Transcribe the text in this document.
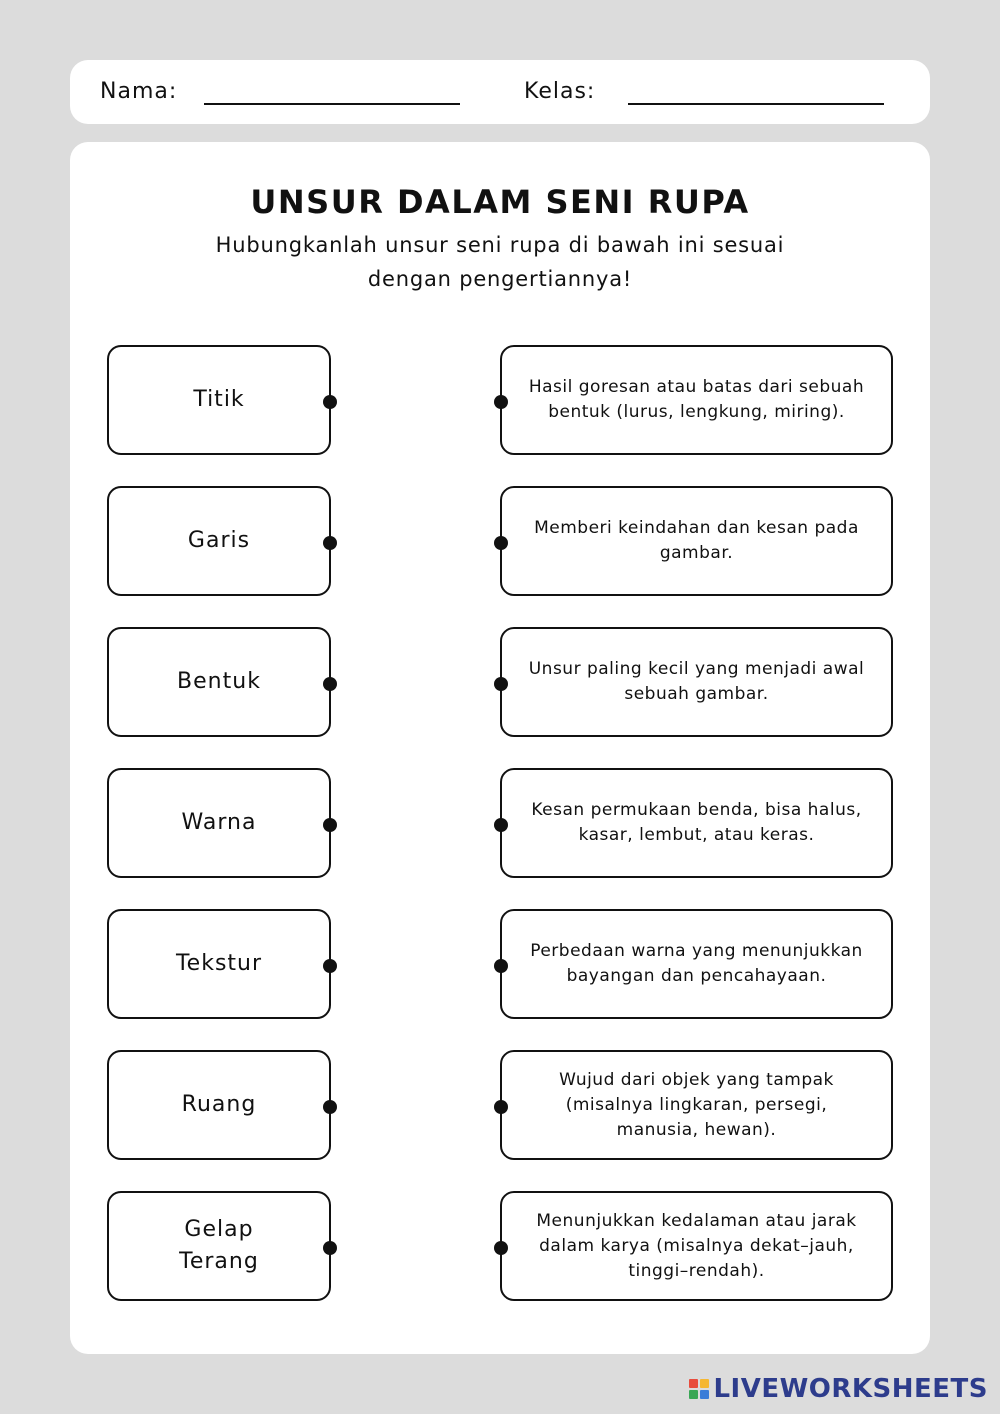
Nama:	Kelas:
UNSUR DALAM SENI RUPA
Hubungkanlah unsur seni rupa di bawah ini sesuai dengan pengertiannya!
Titik
Garis
Bentuk
Warna
Tekstur
Ruang
Gelap Terang
Hasil goresan atau batas dari sebuah bentuk (lurus, lengkung, miring).
Memberi keindahan dan kesan pada gambar.
Unsur paling kecil yang menjadi awal sebuah gambar.
Kesan permukaan benda, bisa halus, kasar, lembut, atau keras.
Perbedaan warna yang menunjukkan bayangan dan pencahayaan.
Wujud dari objek yang tampak (misalnya lingkaran, persegi, manusia, hewan).
Menunjukkan kedalaman atau jarak dalam karya (misalnya dekat–jauh, tinggi–rendah).
LIVEWORKSHEETS
